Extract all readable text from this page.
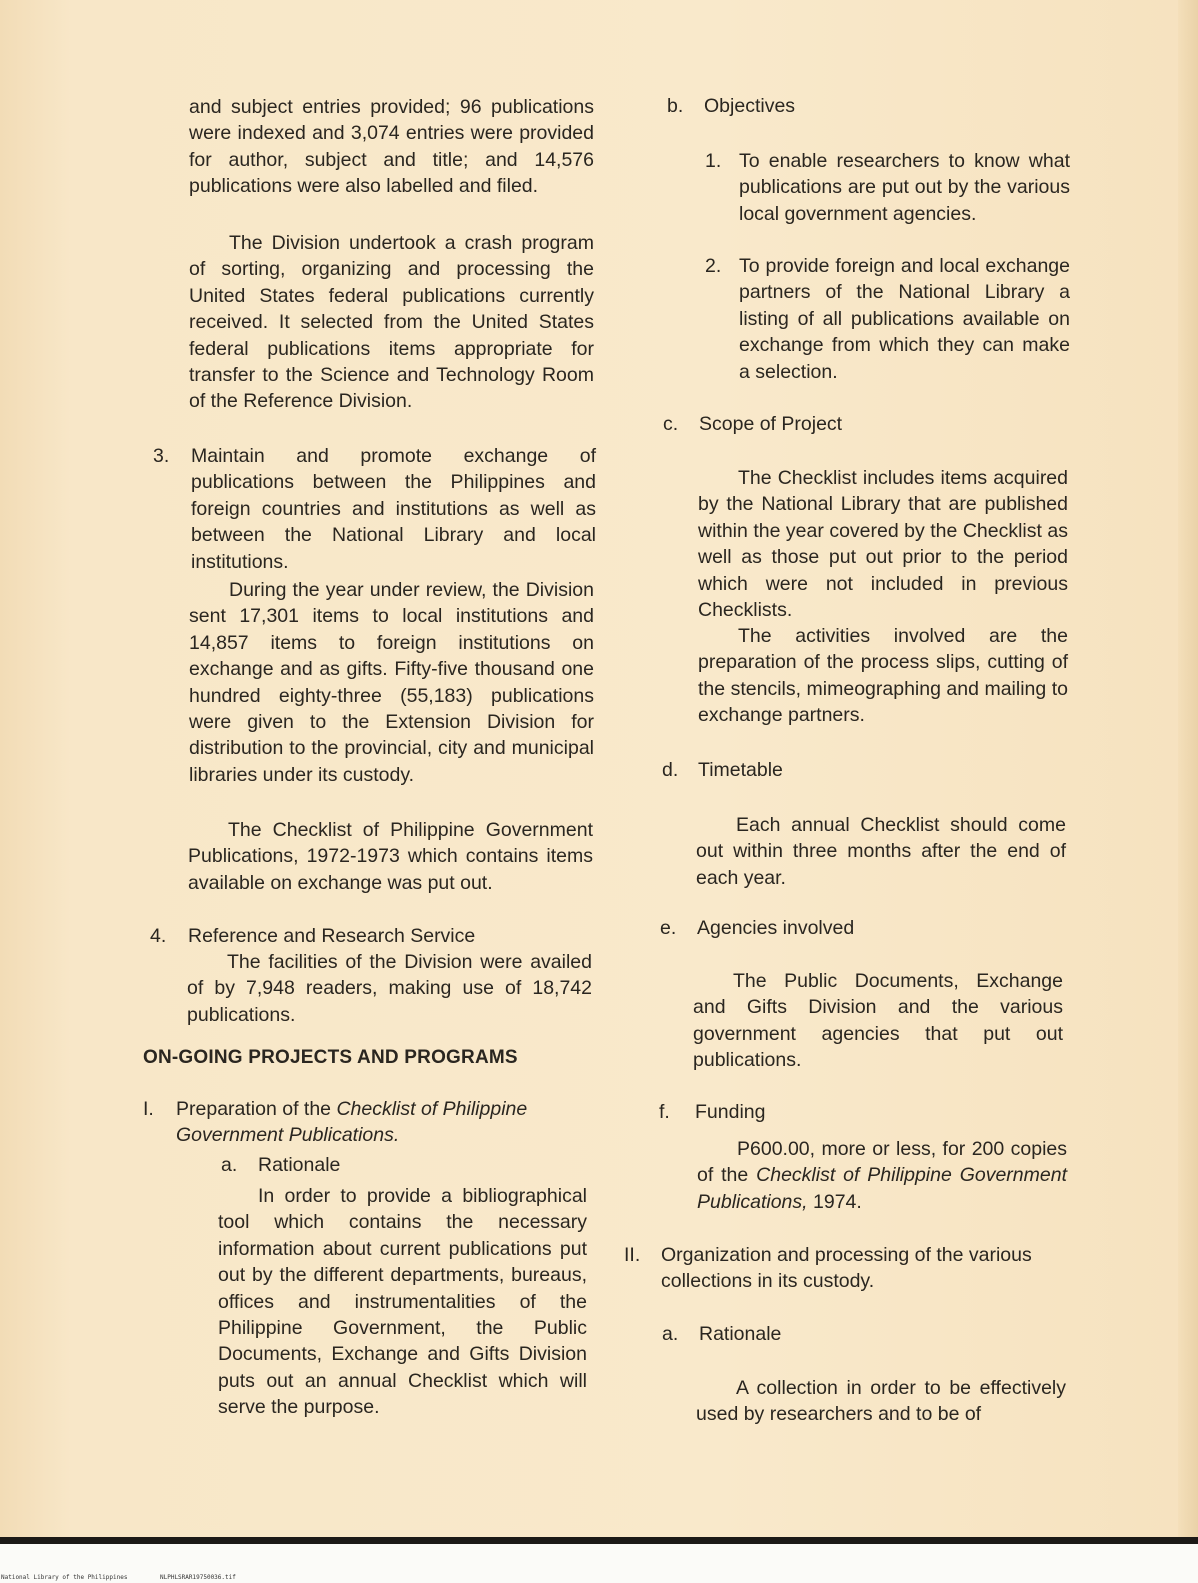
and subject entries provided; 96 publications were indexed and 3,074 entries were provided for author, subject and title; and 14,576 publications were also labelled and filed.

The Division undertook a crash program of sorting, organizing and processing the United States federal publications currently received. It selected from the United States federal publications items appropriate for transfer to the Science and Technology Room of the Reference Division.

3. Maintain and promote exchange of publications between the Philippines and foreign countries and institutions as well as between the National Library and local institutions.

During the year under review, the Division sent 17,301 items to local institutions and 14,857 items to foreign institutions on exchange and as gifts. Fifty-five thousand one hundred eighty-three (55,183) publications were given to the Extension Division for distribution to the provincial, city and municipal libraries under its custody.

The Checklist of Philippine Government Publications, 1972-1973 which contains items available on exchange was put out.

4. Reference and Research Service

The facilities of the Division were availed of by 7,948 readers, making use of 18,742 publications.

ON-GOING PROJECTS AND PROGRAMS
I. Preparation of the Checklist of Philippine Government Publications.

a. Rationale

In order to provide a bibliographical tool which contains the necessary information about current publications put out by the different departments, bureaus, offices and instrumentalities of the Philippine Government, the Public Documents, Exchange and Gifts Division puts out an annual Checklist which will serve the purpose.

b. Objectives
1. To enable researchers to know what publications are put out by the various local government agencies.

2. To provide foreign and local exchange partners of the National Library a listing of all publications available on exchange from which they can make a selection.

c. Scope of Project

The Checklist includes items acquired by the National Library that are published within the year covered by the Checklist as well as those put out prior to the period which were not included in previous Checklists.

The activities involved are the preparation of the process slips, cutting of the stencils, mimeographing and mailing to exchange partners.

d. Timetable

Each annual Checklist should come out within three months after the end of each year.

e. Agencies involved

The Public Documents, Exchange and Gifts Division and the various government agencies that put out publications.

f. Funding

P600.00, more or less, for 200 copies of the Checklist of Philippine Government Publications, 1974.

II. Organization and processing of the various collections in its custody.

a. Rationale

A collection in order to be effectively used by researchers and to be of

National Library of the Philippines	NLPHLSRAR19750036.tif
